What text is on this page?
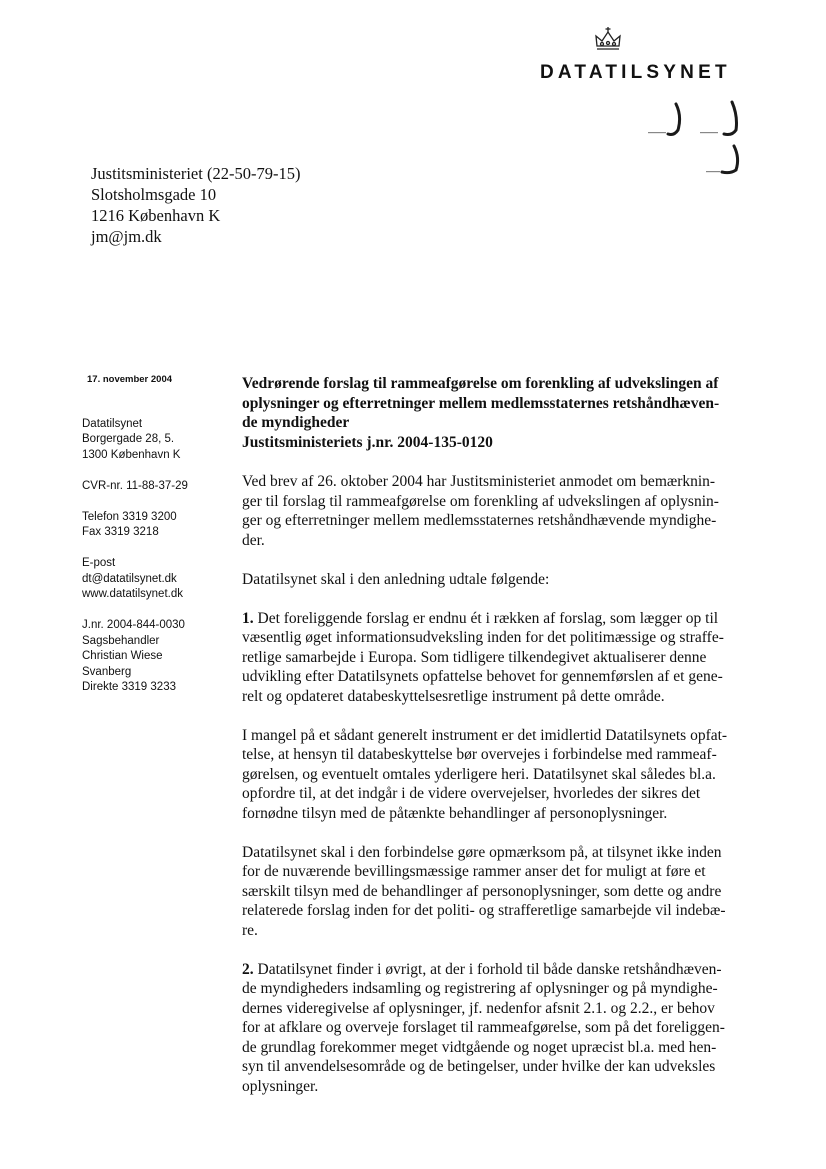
DATATILSYNET
Justitsministeriet (22-50-79-15)
Slotsholmsgade 10
1216 København K
jm@jm.dk
17. november 2004
Datatilsynet
Borgergade 28, 5.
1300 København K
CVR-nr. 11-88-37-29
Telefon 3319 3200
Fax 3319 3218
E-post
dt@datatilsynet.dk
www.datatilsynet.dk
J.nr. 2004-844-0030
Sagsbehandler
Christian Wiese
Svanberg
Direkte 3319 3233
Vedrørende forslag til rammeafgørelse om forenkling af udvekslingen af
oplysninger og efterretninger mellem medlemsstaternes retshåndhæven-
de myndigheder
Justitsministeriets j.nr. 2004-135-0120
Ved brev af 26. oktober 2004 har Justitsministeriet anmodet om bemærknin-
ger til forslag til rammeafgørelse om forenkling af udvekslingen af oplysnin-
ger og efterretninger mellem medlemsstaternes retshåndhævende myndighe-
der.
Datatilsynet skal i den anledning udtale følgende:
1. Det foreliggende forslag er endnu ét i rækken af forslag, som lægger op til
væsentlig øget informationsudveksling inden for det politimæssige og straffe-
retlige samarbejde i Europa. Som tidligere tilkendegivet aktualiserer denne
udvikling efter Datatilsynets opfattelse behovet for gennemførslen af et gene-
relt og opdateret databeskyttelsesretlige instrument på dette område.
I mangel på et sådant generelt instrument er det imidlertid Datatilsynets opfat-
telse, at hensyn til databeskyttelse bør overvejes i forbindelse med rammeaf-
gørelsen, og eventuelt omtales yderligere heri. Datatilsynet skal således bl.a.
opfordre til, at det indgår i de videre overvejelser, hvorledes der sikres det
fornødne tilsyn med de påtænkte behandlinger af personoplysninger.
Datatilsynet skal i den forbindelse gøre opmærksom på, at tilsynet ikke inden
for de nuværende bevillingsmæssige rammer anser det for muligt at føre et
særskilt tilsyn med de behandlinger af personoplysninger, som dette og andre
relaterede forslag inden for det politi- og strafferetlige samarbejde vil indebæ-
re.
2. Datatilsynet finder i øvrigt, at der i forhold til både danske retshåndhæven-
de myndigheders indsamling og registrering af oplysninger og på myndighe-
dernes videregivelse af oplysninger, jf. nedenfor afsnit 2.1. og 2.2., er behov
for at afklare og overveje forslaget til rammeafgørelse, som på det foreliggen-
de grundlag forekommer meget vidtgående og noget upræcist bl.a. med hen-
syn til anvendelsesområde og de betingelser, under hvilke der kan udveksles
oplysninger.
